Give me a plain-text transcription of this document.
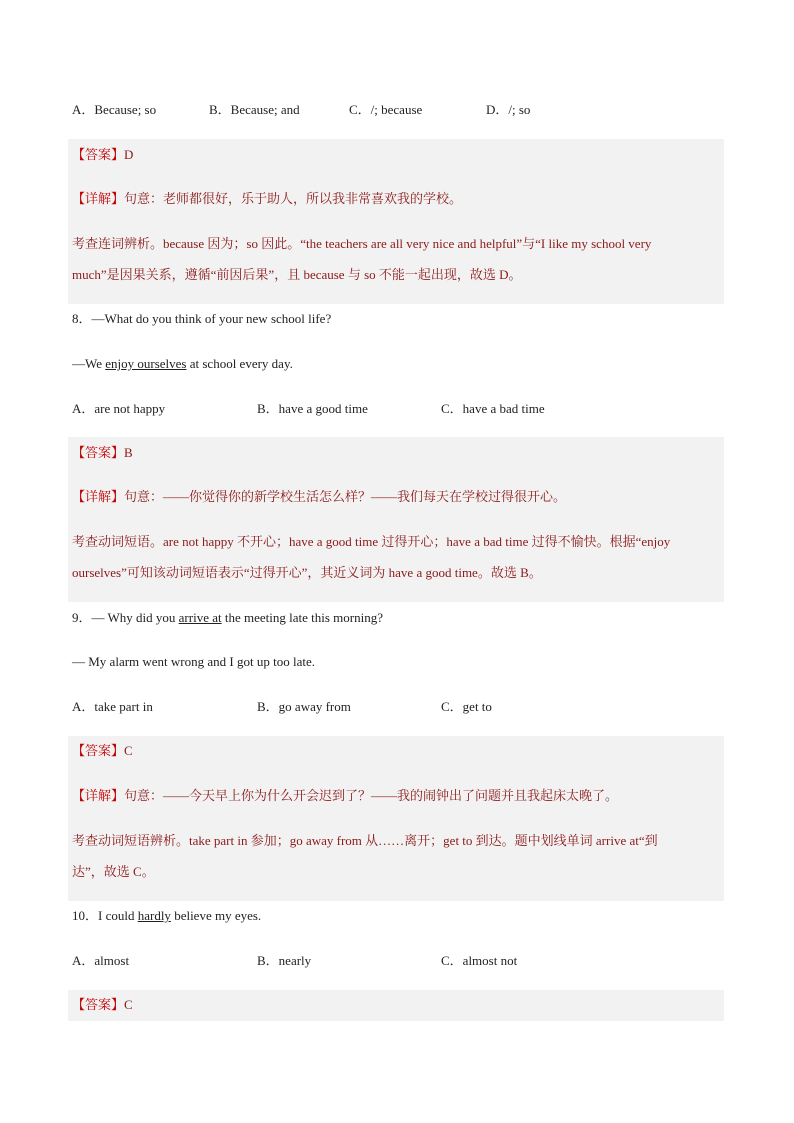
A．Because; so	B．Because; and	C．/; because	D．/; so
【答案】D
【详解】句意：老师都很好，乐于助人，所以我非常喜欢我的学校。
考查连词辨析。because 因为；so 因此。“the teachers are all very nice and helpful”与“I like my school very
much”是因果关系，遵循“前因后果”，且 because 与 so 不能一起出现，故选 D。
8．—What do you think of your new school life?
—We enjoy ourselves at school every day.
A．are not happy	B．have a good time	C．have a bad time
【答案】B
【详解】句意：——你觉得你的新学校生活怎么样？——我们每天在学校过得很开心。
考查动词短语。are not happy 不开心；have a good time 过得开心；have a bad time 过得不愉快。根据“enjoy
ourselves”可知该动词短语表示“过得开心”，其近义词为 have a good time。故选 B。
9．— Why did you arrive at the meeting late this morning?
— My alarm went wrong and I got up too late.
A．take part in	B．go away from	C．get to
【答案】C
【详解】句意：——今天早上你为什么开会迟到了？——我的闹钟出了问题并且我起床太晚了。
考查动词短语辨析。take part in 参加；go away from 从……离开；get to 到达。题中划线单词 arrive at“到
达”，故选 C。
10．I could hardly believe my eyes.
A．almost	B．nearly	C．almost not
【答案】C
